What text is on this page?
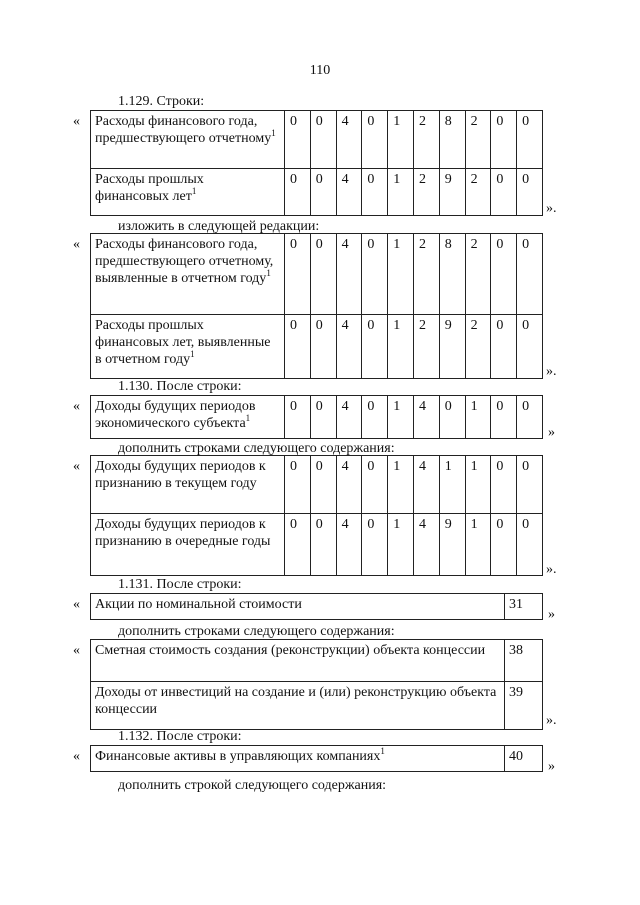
110
1.129. Строки:
« Расходы финансового года, предшествующего отчетному$^1$	0	0	4	0	1	2	8	2	0	0
Расходы прошлых финансовых лет$^1$	0	0	4	0	1	2	9	2	0	0
».
изложить в следующей редакции:
« Расходы финансового года, предшествующего отчетному, выявленные в отчетном году$^1$	0	0	4	0	1	2	8	2	0	0
Расходы прошлых финансовых лет, выявленные в отчетном году$^1$	0	0	4	0	1	2	9	2	0	0
».
1.130. После строки:
« Доходы будущих периодов экономического субъекта$^1$	0	0	4	0	1	4	0	1	0	0
»
дополнить строками следующего содержания:
« Доходы будущих периодов к признанию в текущем году	0	0	4	0	1	4	1	1	0	0
Доходы будущих периодов к признанию в очередные годы	0	0	4	0	1	4	9	1	0	0
».
1.131. После строки:
« Акции по номинальной стоимости	31
»
дополнить строками следующего содержания:
« Сметная стоимость создания (реконструкции) объекта концессии	38
Доходы от инвестиций на создание и (или) реконструкцию объекта концессии	39
».
1.132. После строки:
« Финансовые активы в управляющих компаниях$^1$	40
»
дополнить строкой следующего содержания:
